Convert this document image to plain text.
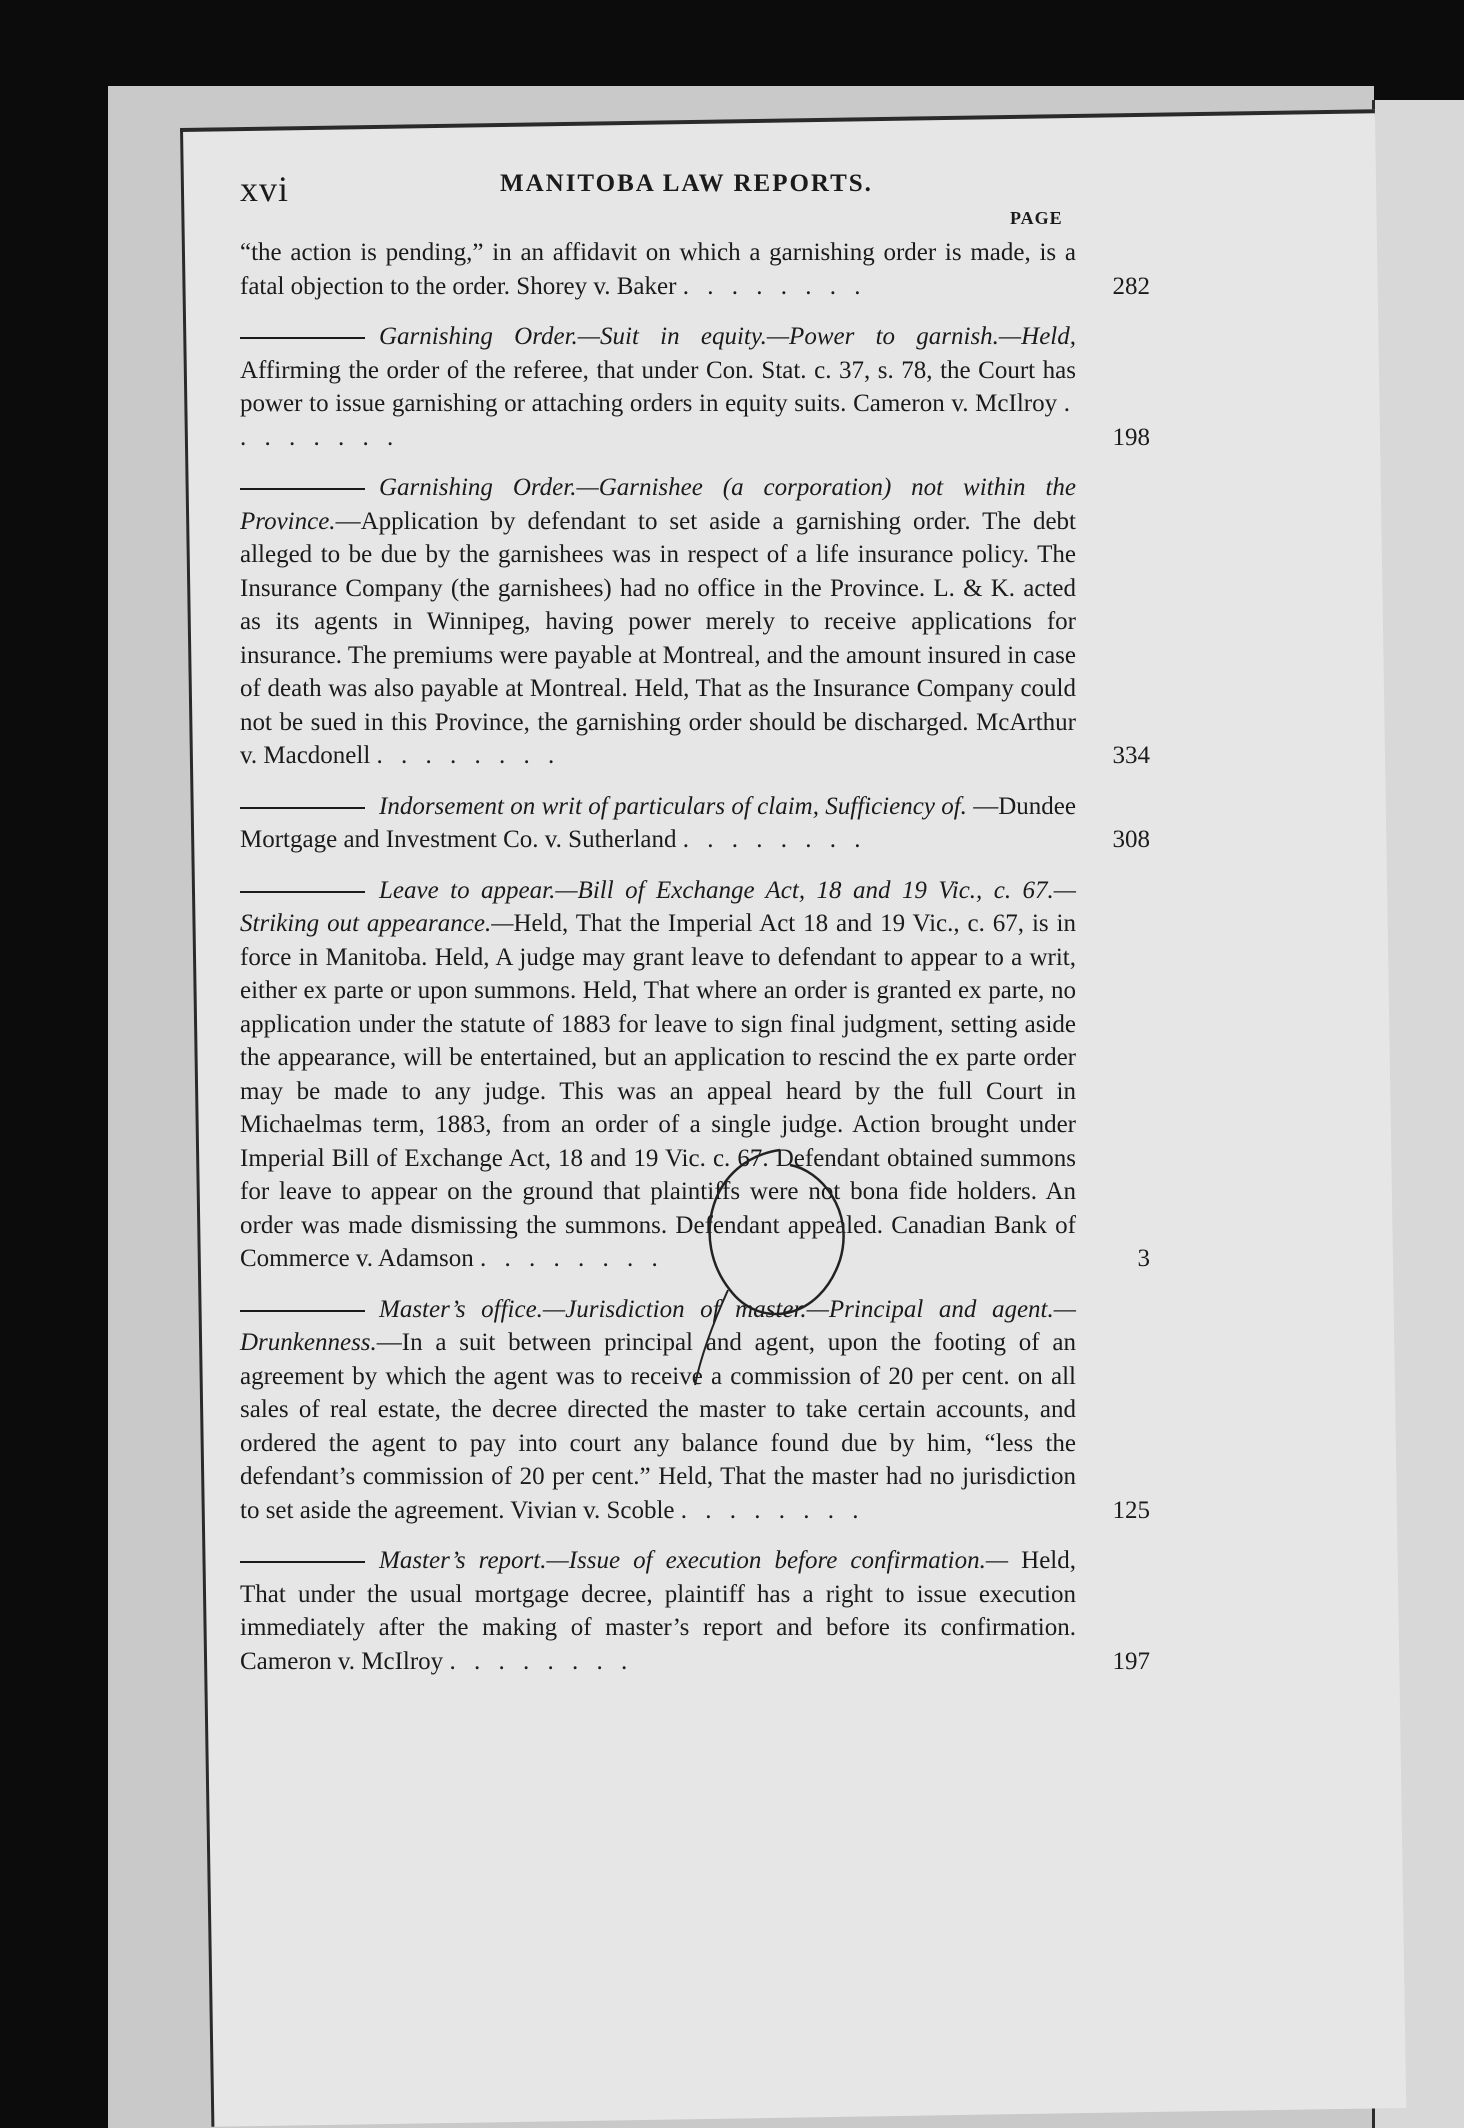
xvi	MANITOBA LAW REPORTS.
PAGE

“the action is pending,” in an affidavit on which a garnishing order is made, is a fatal objection to the order. Shorey v. Baker . . . . . . . .	282

Garnishing Order.—Suit in equity.—Power to garnish.—Held, Affirming the order of the referee, that under Con. Stat. c. 37, s. 78, the Court has power to issue garnishing or attaching orders in equity suits. Cameron v. McIlroy . . . . . . . .	198

Garnishing Order.—Garnishee (a corporation) not within the Province.—Application by defendant to set aside a garnishing order. The debt alleged to be due by the garnishees was in respect of a life insurance policy. The Insurance Company (the garnishees) had no office in the Province. L. & K. acted as its agents in Winnipeg, having power merely to receive applications for insurance. The premiums were payable at Montreal, and the amount insured in case of death was also payable at Montreal. Held, That as the Insurance Company could not be sued in this Province, the garnishing order should be discharged. McArthur v. Macdonell . . . . . . . .	334

Indorsement on writ of particulars of claim, Sufficiency of. —Dundee Mortgage and Investment Co. v. Sutherland . . . . . . . .	308

Leave to appear.—Bill of Exchange Act, 18 and 19 Vic., c. 67.—Striking out appearance.—Held, That the Imperial Act 18 and 19 Vic., c. 67, is in force in Manitoba. Held, A judge may grant leave to defendant to appear to a writ, either ex parte or upon summons. Held, That where an order is granted ex parte, no application under the statute of 1883 for leave to sign final judgment, setting aside the appearance, will be entertained, but an application to rescind the ex parte order may be made to any judge. This was an appeal heard by the full Court in Michaelmas term, 1883, from an order of a single judge. Action brought under Imperial Bill of Exchange Act, 18 and 19 Vic. c. 67. Defendant obtained summons for leave to appear on the ground that plaintiffs were not bona fide holders. An order was made dismissing the summons. Defendant appealed. Canadian Bank of Commerce v. Adamson . . . . . . . .	3

Master’s office.—Jurisdiction of master.—Principal and agent.—Drunkenness.—In a suit between principal and agent, upon the footing of an agreement by which the agent was to receive a commission of 20 per cent. on all sales of real estate, the decree directed the master to take certain accounts, and ordered the agent to pay into court any balance found due by him, “less the defendant’s commission of 20 per cent.” Held, That the master had no jurisdiction to set aside the agreement. Vivian v. Scoble . . . . . . . .	125

Master’s report.—Issue of execution before confirmation.— Held, That under the usual mortgage decree, plaintiff has a right to issue execution immediately after the making of master’s report and before its confirmation. Cameron v. McIlroy . . . . . . . .	197
